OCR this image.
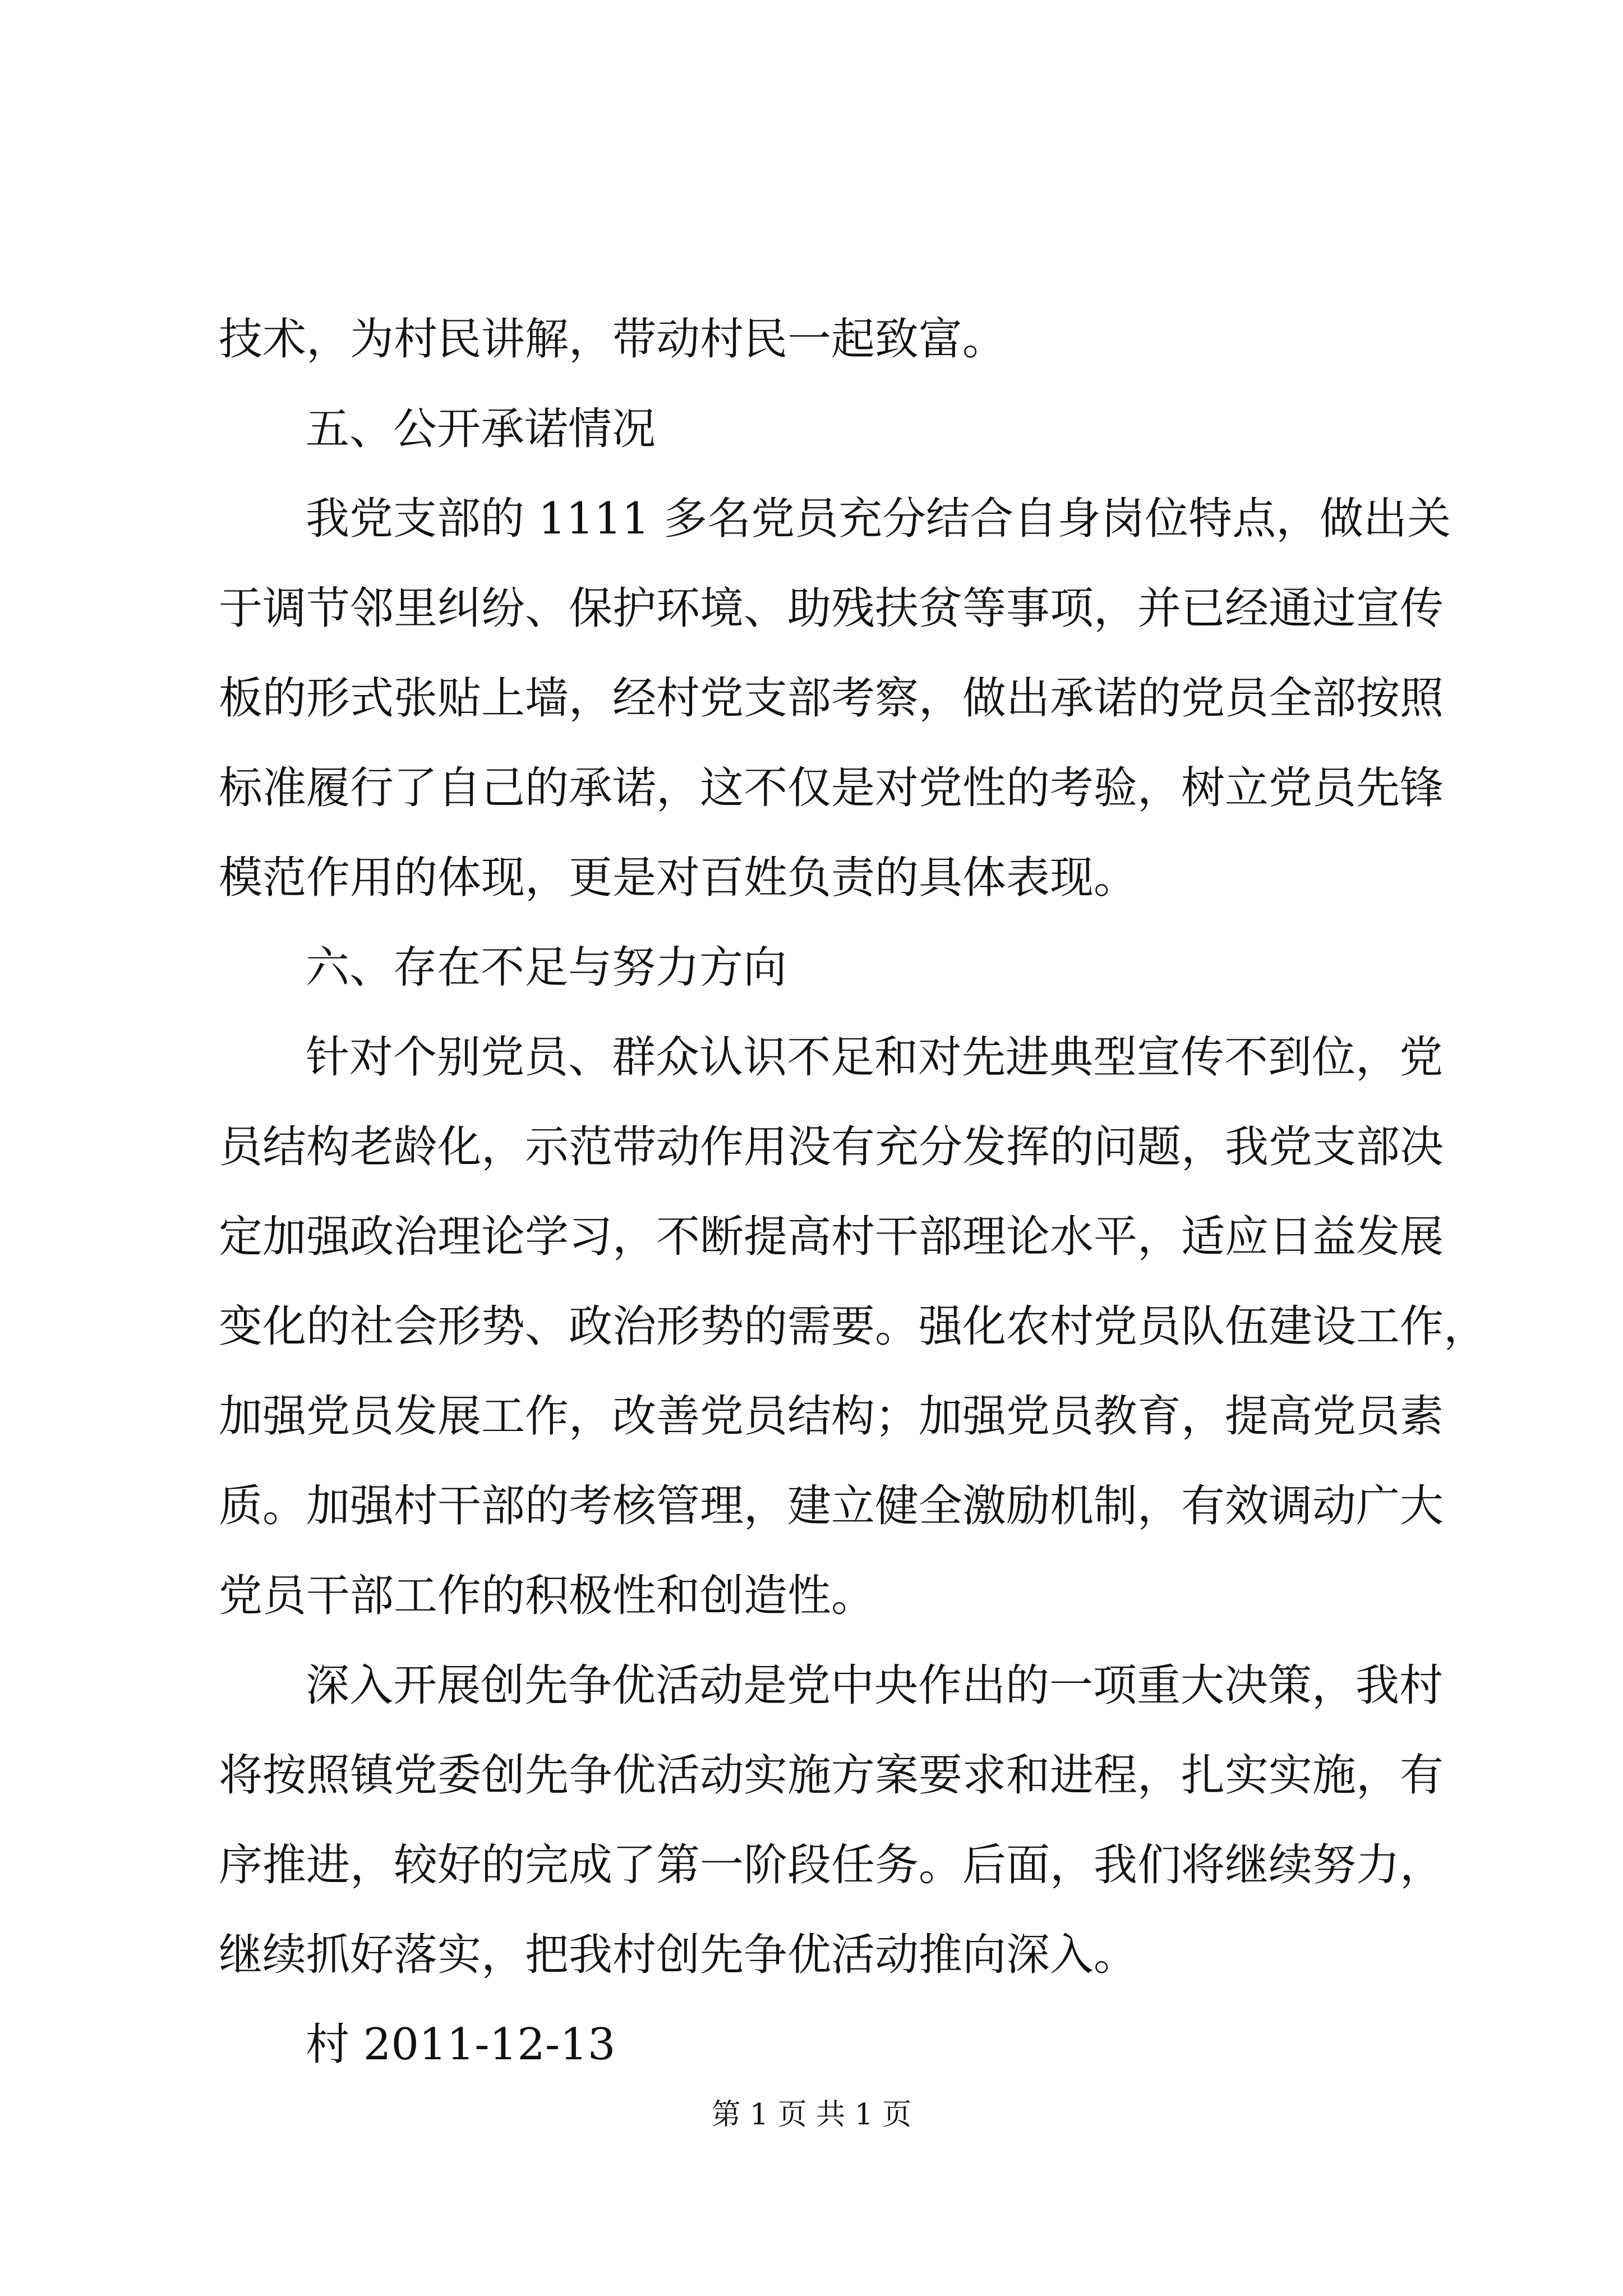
技术，为村民讲解，带动村民一起致富。
五、公开承诺情况
我党支部的 1111 多名党员充分结合自身岗位特点，做出关
于调节邻里纠纷、保护环境、助残扶贫等事项，并已经通过宣传
板的形式张贴上墙，经村党支部考察，做出承诺的党员全部按照
标准履行了自己的承诺，这不仅是对党性的考验，树立党员先锋
模范作用的体现，更是对百姓负责的具体表现。
六、存在不足与努力方向
针对个别党员、群众认识不足和对先进典型宣传不到位，党
员结构老龄化，示范带动作用没有充分发挥的问题，我党支部决
定加强政治理论学习，不断提高村干部理论水平，适应日益发展
变化的社会形势、政治形势的需要。强化农村党员队伍建设工作，
加强党员发展工作，改善党员结构；加强党员教育，提高党员素
质。加强村干部的考核管理，建立健全激励机制，有效调动广大
党员干部工作的积极性和创造性。
深入开展创先争优活动是党中央作出的一项重大决策，我村
将按照镇党委创先争优活动实施方案要求和进程，扎实实施，有
序推进，较好的完成了第一阶段任务。后面，我们将继续努力，
继续抓好落实，把我村创先争优活动推向深入。
村 2011-12-13
第 1 页 共 1 页
